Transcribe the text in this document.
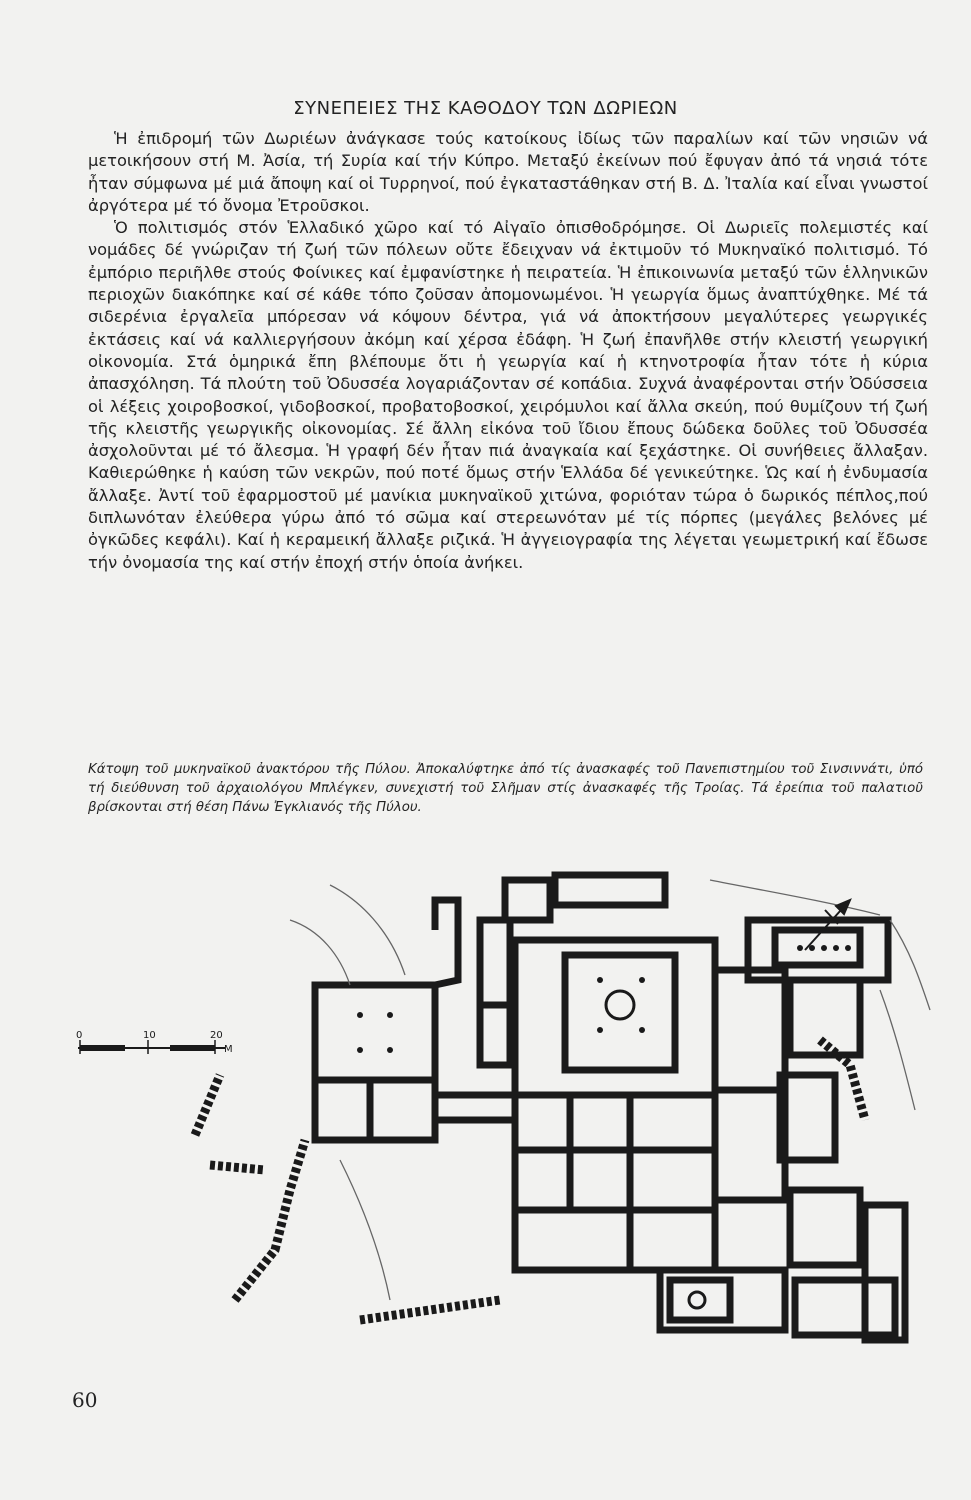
ΣΥΝΕΠΕΙΕΣ ΤΗΣ ΚΑΘΟΔΟΥ ΤΩΝ ΔΩΡΙΕΩΝ

Ἡ ἐπιδρομή τῶν Δωριέων ἀνάγκασε τούς κατοίκους ἰδίως τῶν παραλίων καί τῶν νησιῶν νά μετοικήσουν στή Μ. Ἀσία, τή Συρία καί τήν Κύπρο. Μεταξύ ἐκείνων πού ἔφυγαν ἀπό τά νησιά τότε ἦταν σύμφωνα μέ μιά ἄποψη καί οἱ Τυρρηνοί, πού ἐγκαταστάθηκαν στή Β. Δ. Ἰταλία καί εἶναι γνωστοί ἀργότερα μέ τό ὄνομα Ἐτροῦσκοι.

Ὁ πολιτισμός στόν Ἑλλαδικό χῶρο καί τό Αἰγαῖο ὀπισθοδρόμησε. Οἱ Δωριεῖς πολεμιστές καί νομάδες δέ γνώριζαν τή ζωή τῶν πόλεων οὔτε ἔδειχναν νά ἐκτιμοῦν τό Μυκηναϊκό πολιτισμό. Τό ἐμπόριο περιῆλθε στούς Φοίνικες καί ἐμφανίστηκε ἡ πειρατεία. Ἡ ἐπικοινωνία μεταξύ τῶν ἑλληνικῶν περιοχῶν διακόπηκε καί σέ κάθε τόπο ζοῦσαν ἀπομονωμένοι. Ἡ γεωργία ὅμως ἀναπτύχθηκε. Μέ τά σιδερένια ἐργαλεῖα μπόρεσαν νά κόψουν δέντρα, γιά νά ἀποκτήσουν μεγαλύτερες γεωργικές ἐκτάσεις καί νά καλλιεργήσουν ἀκόμη καί χέρσα ἐδάφη. Ἡ ζωή ἐπανῆλθε στήν κλειστή γεωργική οἰκονομία. Στά ὁμηρικά ἔπη βλέπουμε ὅτι ἡ γεωργία καί ἡ κτηνοτροφία ἦταν τότε ἡ κύρια ἀπασχόληση. Τά πλούτη τοῦ Ὀδυσσέα λογαριάζονταν σέ κοπάδια. Συχνά ἀναφέρονται στήν Ὀδύσσεια οἱ λέξεις χοιροβοσκοί, γιδοβοσκοί, προβατοβοσκοί, χειρόμυλοι καί ἄλλα σκεύη, πού θυμίζουν τή ζωή τῆς κλειστῆς γεωργικῆς οἰκονομίας. Σέ ἄλλη εἰκόνα τοῦ ἴδιου ἔπους δώδεκα δοῦλες τοῦ Ὀδυσσέα ἀσχολοῦνται μέ τό ἄλεσμα. Ἡ γραφή δέν ἦταν πιά ἀναγκαία καί ξεχάστηκε. Οἱ συνήθειες ἄλλαξαν. Καθιερώθηκε ἡ καύση τῶν νεκρῶν, πού ποτέ ὅμως στήν Ἑλλάδα δέ γενικεύτηκε. Ὡς καί ἡ ἐνδυμασία ἄλλαξε. Ἀντί τοῦ ἐφαρμοστοῦ μέ μανίκια μυκηναϊκοῦ χιτώνα, φοριόταν τώρα ὁ δωρικός πέπλος,πού διπλωνόταν ἐλεύθερα γύρω ἀπό τό σῶμα καί στερεωνόταν μέ τίς πόρπες (μεγάλες βελόνες μέ ὀγκῶδες κεφάλι). Καί ἡ κεραμεική ἄλλαξε ριζικά. Ἡ ἀγγειογραφία της λέγεται γεωμετρική καί ἔδωσε τήν ὀνομασία της καί στήν ἐποχή στήν ὁποία ἀνήκει.

Κάτοψη τοῦ μυκηναϊκοῦ ἀνακτόρου τῆς Πύλου. Ἀποκαλύφτηκε ἀπό τίς ἀνασκαφές τοῦ Πανεπιστημίου τοῦ Σινσιννάτι, ὑπό τή διεύθυνση τοῦ ἀρχαιολόγου Μπλέγκεν, συνεχιστή τοῦ Σλῆμαν στίς ἀνασκαφές τῆς Τροίας. Τά ἐρείπια τοῦ παλατιοῦ βρίσκονται στή θέση Πάνω Ἐγκλιανός τῆς Πύλου.

0	10	20
M
60
